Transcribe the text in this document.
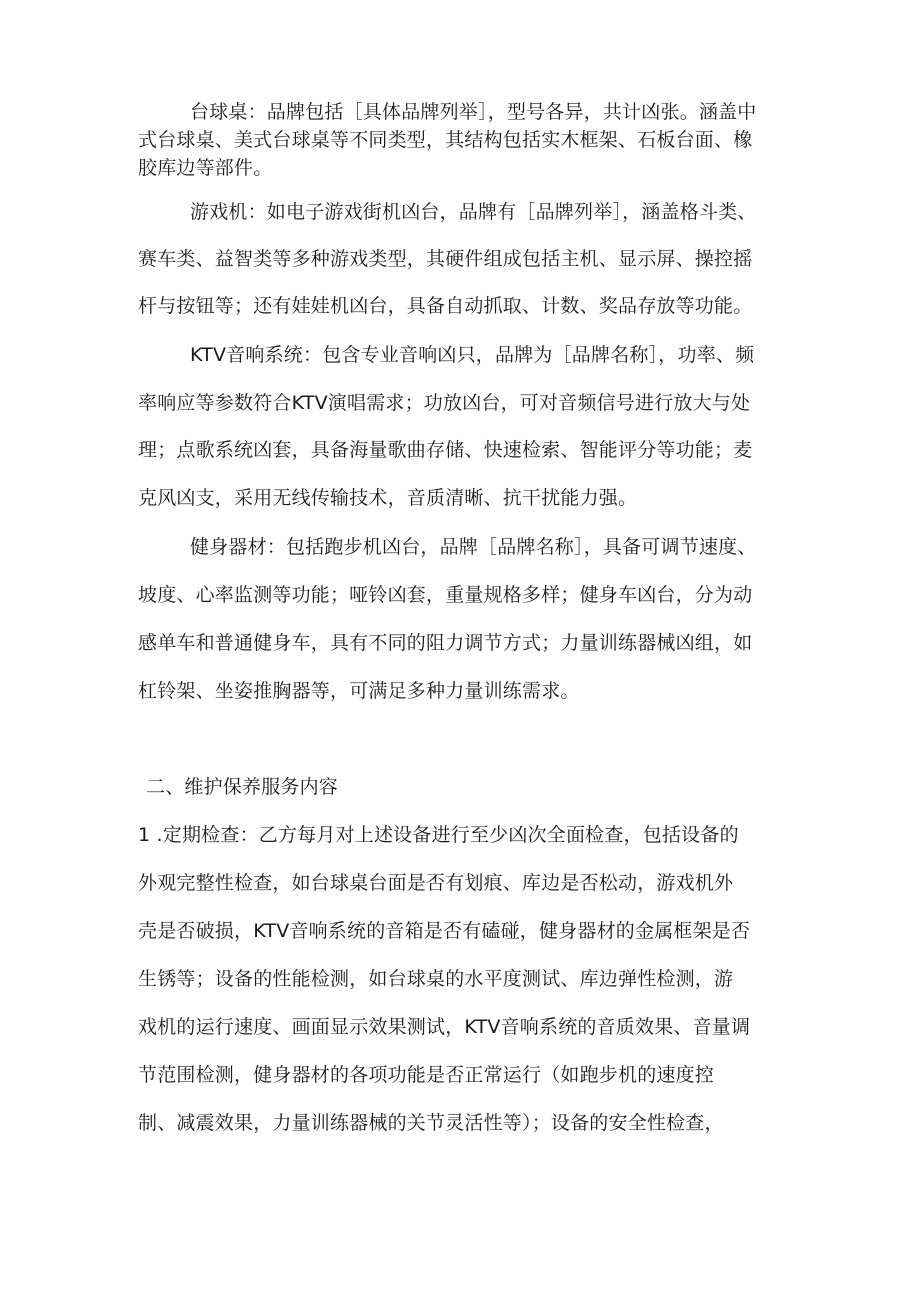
台球桌：品牌包括［具体品牌列举］，型号各异，共计凶张。涵盖中
式台球桌、美式台球桌等不同类型，其结构包括实木框架、石板台面、橡
胶库边等部件。
游戏机：如电子游戏街机凶台，品牌有［品牌列举］，涵盖格斗类、
赛车类、益智类等多种游戏类型，其硬件组成包括主机、显示屏、操控摇
杆与按钮等；还有娃娃机凶台，具备自动抓取、计数、奖品存放等功能。
KTV音响系统：包含专业音响凶只，品牌为［品牌名称］，功率、频
率响应等参数符合KTV演唱需求；功放凶台，可对音频信号进行放大与处
理；点歌系统凶套，具备海量歌曲存储、快速检索、智能评分等功能；麦
克风凶支，采用无线传输技术，音质清晰、抗干扰能力强。
健身器材：包括跑步机凶台，品牌［品牌名称］，具备可调节速度、
坡度、心率监测等功能；哑铃凶套，重量规格多样；健身车凶台，分为动
感单车和普通健身车，具有不同的阻力调节方式；力量训练器械凶组，如
杠铃架、坐姿推胸器等，可满足多种力量训练需求。
二、维护保养服务内容
1 .定期检查：乙方每月对上述设备进行至少凶次全面检查，包括设备的
外观完整性检查，如台球桌台面是否有划痕、库边是否松动，游戏机外
壳是否破损，KTV音响系统的音箱是否有磕碰，健身器材的金属框架是否
生锈等；设备的性能检测，如台球桌的水平度测试、库边弹性检测，游
戏机的运行速度、画面显示效果测试，KTV音响系统的音质效果、音量调
节范围检测，健身器材的各项功能是否正常运行（如跑步机的速度控
制、减震效果，力量训练器械的关节灵活性等）；设备的安全性检查，
